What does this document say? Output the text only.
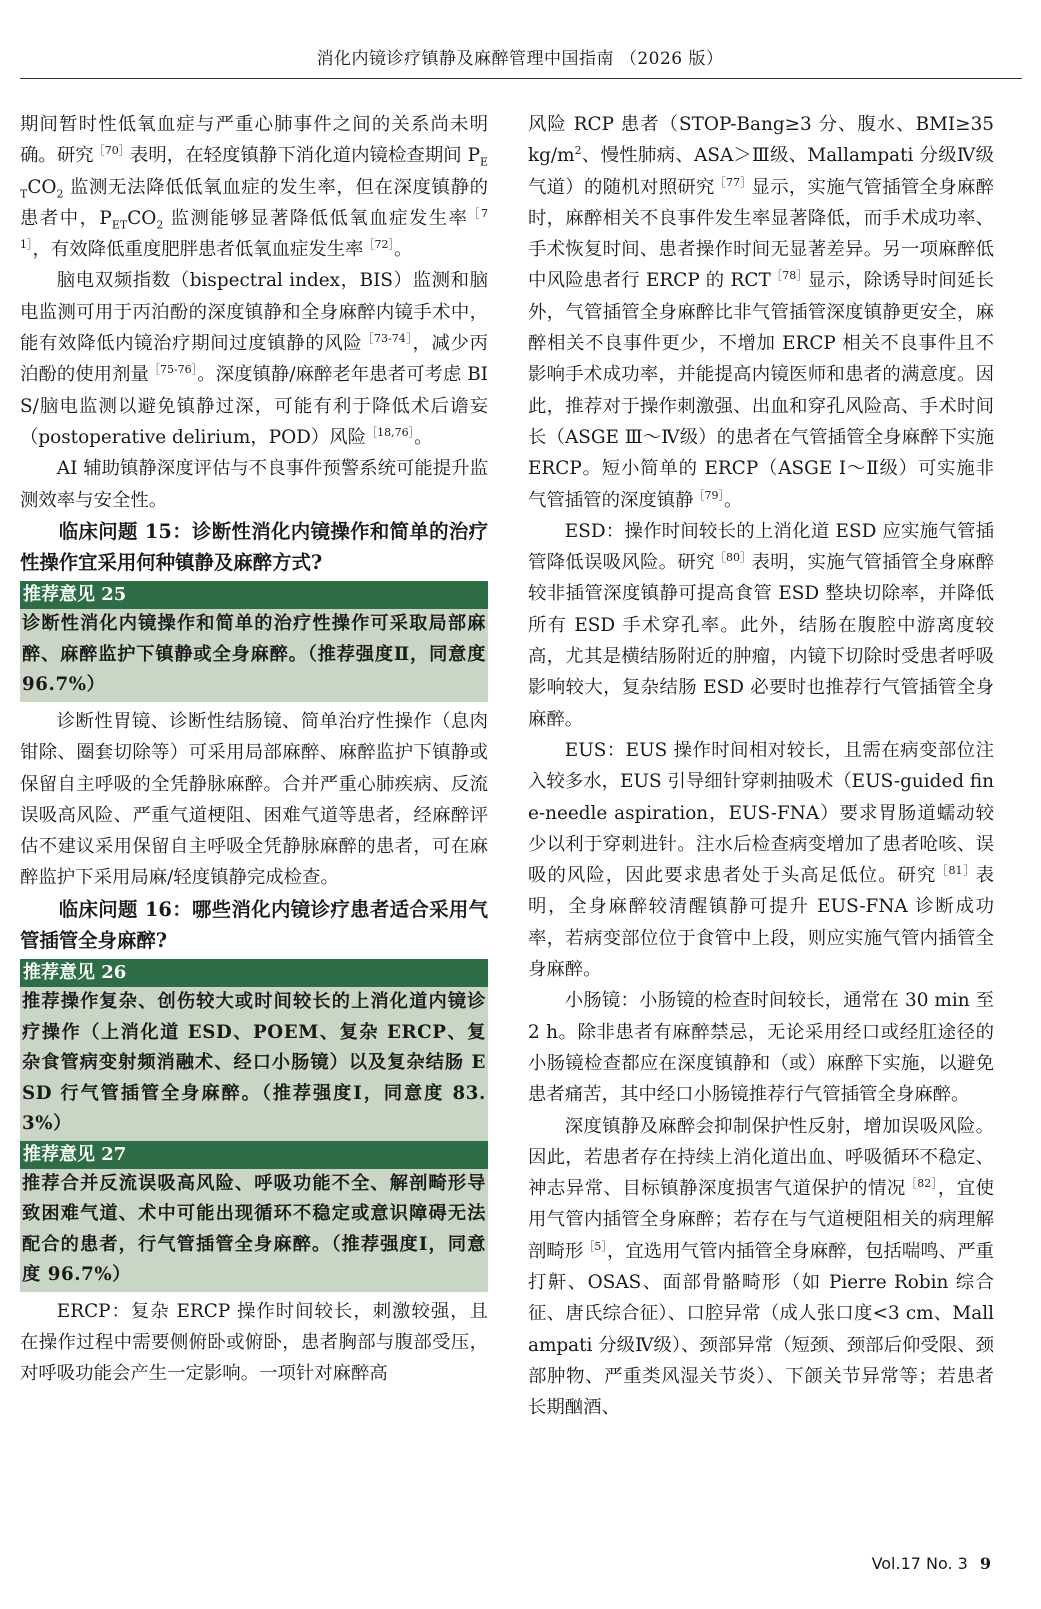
消化内镜诊疗镇静及麻醉管理中国指南 （2026 版）

期间暂时性低氧血症与严重心肺事件之间的关系尚未明确。研究$^{[70]}$表明，在轻度镇静下消化道内镜检查期间 $P_{ET}CO_2$ 监测无法降低低氧血症的发生率，但在深度镇静的患者中，$P_{ET}CO_2$ 监测能够显著降低低氧血症发生率$^{[71]}$，有效降低重度肥胖患者低氧血症发生率$^{[72]}$。

脑电双频指数（bispectral index，BIS）监测和脑电监测可用于丙泊酚的深度镇静和全身麻醉内镜手术中，能有效降低内镜治疗期间过度镇静的风险$^{[73-74]}$，减少丙泊酚的使用剂量$^{[75-76]}$。深度镇静/麻醉老年患者可考虑 BIS/脑电监测以避免镇静过深，可能有利于降低术后谵妄（postoperative delirium，POD）风险$^{[18,76]}$。

AI 辅助镇静深度评估与不良事件预警系统可能提升监测效率与安全性。

临床问题 15：诊断性消化内镜操作和简单的治疗性操作宜采用何种镇静及麻醉方式?

推荐意见 25
诊断性消化内镜操作和简单的治疗性操作可采取局部麻醉、麻醉监护下镇静或全身麻醉。（推荐强度Ⅱ，同意度 96.7%）

诊断性胃镜、诊断性结肠镜、简单治疗性操作（息肉钳除、圈套切除等）可采用局部麻醉、麻醉监护下镇静或保留自主呼吸的全凭静脉麻醉。合并严重心肺疾病、反流误吸高风险、严重气道梗阻、困难气道等患者，经麻醉评估不建议采用保留自主呼吸全凭静脉麻醉的患者，可在麻醉监护下采用局麻/轻度镇静完成检查。

临床问题 16：哪些消化内镜诊疗患者适合采用气管插管全身麻醉?

推荐意见 26
推荐操作复杂、创伤较大或时间较长的上消化道内镜诊疗操作（上消化道 ESD、POEM、复杂 ERCP、复杂食管病变射频消融术、经口小肠镜）以及复杂结肠 ESD 行气管插管全身麻醉。（推荐强度Ⅰ，同意度 83.3%）
推荐意见 27
推荐合并反流误吸高风险、呼吸功能不全、解剖畸形导致困难气道、术中可能出现循环不稳定或意识障碍无法配合的患者，行气管插管全身麻醉。（推荐强度Ⅰ，同意度 96.7%）

ERCP：复杂 ERCP 操作时间较长，刺激较强，且在操作过程中需要侧俯卧或俯卧，患者胸部与腹部受压，对呼吸功能会产生一定影响。一项针对麻醉高

风险 RCP 患者（STOP-Bang≥3 分、腹水、BMI≥35 $kg/m^2$、慢性肺病、ASA＞Ⅲ级、Mallampati 分级Ⅳ级气道）的随机对照研究$^{[77]}$显示，实施气管插管全身麻醉时，麻醉相关不良事件发生率显著降低，而手术成功率、手术恢复时间、患者操作时间无显著差异。另一项麻醉低中风险患者行 ERCP 的 $RCT^{[78]}$显示，除诱导时间延长外，气管插管全身麻醉比非气管插管深度镇静更安全，麻醉相关不良事件更少，不增加 ERCP 相关不良事件且不影响手术成功率，并能提高内镜医师和患者的满意度。因此，推荐对于操作刺激强、出血和穿孔风险高、手术时间长（ASGE Ⅲ～Ⅳ级）的患者在气管插管全身麻醉下实施 ERCP。短小简单的 ERCP（ASGE Ⅰ～Ⅱ级）可实施非气管插管的深度镇静$^{[79]}$。

ESD：操作时间较长的上消化道 ESD 应实施气管插管降低误吸风险。研究$^{[80]}$表明，实施气管插管全身麻醉较非插管深度镇静可提高食管 ESD 整块切除率，并降低所有 ESD 手术穿孔率。此外，结肠在腹腔中游离度较高，尤其是横结肠附近的肿瘤，内镜下切除时受患者呼吸影响较大，复杂结肠 ESD 必要时也推荐行气管插管全身麻醉。

EUS：EUS 操作时间相对较长，且需在病变部位注入较多水，EUS 引导细针穿刺抽吸术（EUS-guided fine-needle aspiration，EUS-FNA）要求胃肠道蠕动较少以利于穿刺进针。注水后检查病变增加了患者呛咳、误吸的风险，因此要求患者处于头高足低位。研究$^{[81]}$表明，全身麻醉较清醒镇静可提升 EUS-FNA 诊断成功率，若病变部位位于食管中上段，则应实施气管内插管全身麻醉。

小肠镜：小肠镜的检查时间较长，通常在 30 min 至 2 h。除非患者有麻醉禁忌，无论采用经口或经肛途径的小肠镜检查都应在深度镇静和（或）麻醉下实施，以避免患者痛苦，其中经口小肠镜推荐行气管插管全身麻醉。

深度镇静及麻醉会抑制保护性反射，增加误吸风险。因此，若患者存在持续上消化道出血、呼吸循环不稳定、神志异常、目标镇静深度损害气道保护的情况$^{[82]}$，宜使用气管内插管全身麻醉；若存在与气道梗阻相关的病理解剖畸形$^{[5]}$，宜选用气管内插管全身麻醉，包括喘鸣、严重打鼾、OSAS、面部骨骼畸形（如 Pierre Robin 综合征、唐氏综合征）、口腔异常（成人张口度<3 cm、Mallampati 分级Ⅳ级）、颈部异常（短颈、颈部后仰受限、颈部肿物、严重类风湿关节炎）、下颌关节异常等；若患者长期酗酒、

Vol.17 No. 3 9
